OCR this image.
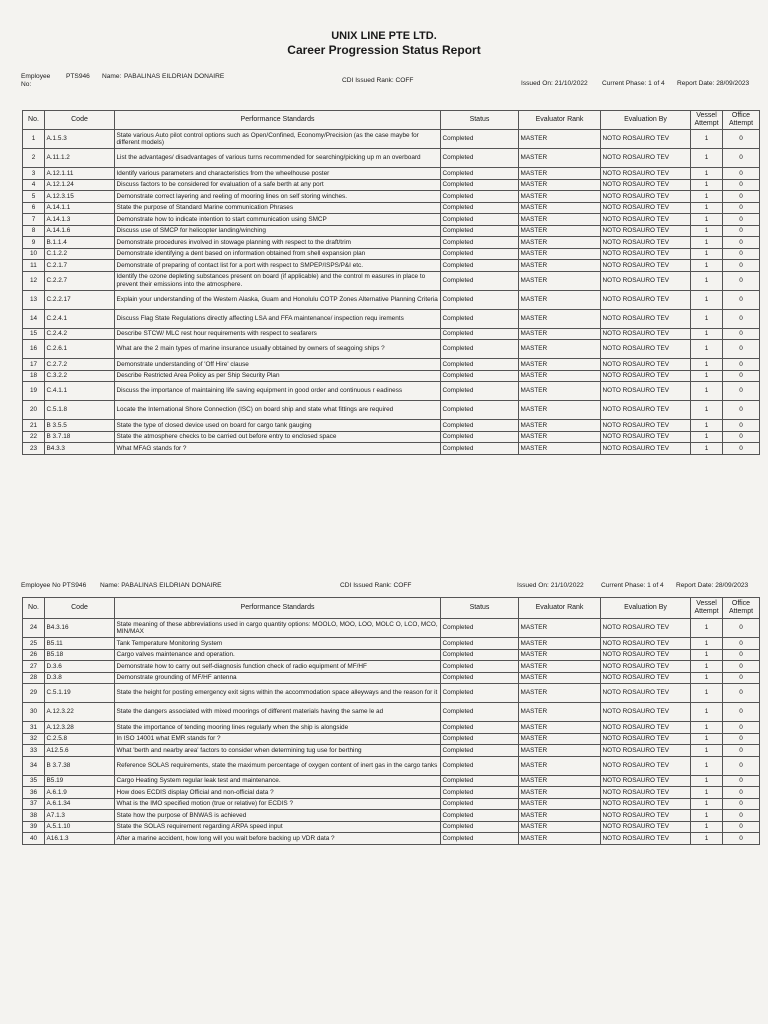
UNIX LINE PTE LTD.
Career Progression Status Report
Employee No:
PTS946 Name: PABALINAS EILDRIAN DONAIRE
CDI Issued Rank: COFF	Issued On: 21/10/2022 Current Phase: 1 of 4 Report Date: 28/09/2023
No.	Code	Performance Standards	Status	Evaluator Rank	Evaluation By	Vessel Attempt	Office Attempt
1	A.1.5.3	State various Auto pilot control options such as Open/Confined, Economy/Precision (as the case maybe for different models)	Completed	MASTER	NOTO ROSAURO TEV	1	0
2	A.11.1.2	List the advantages/ disadvantages of various turns recommended for searching/picking up m an overboard	Completed	MASTER	NOTO ROSAURO TEV	1	0
3	A.12.1.11	Identify various parameters and characteristics from the wheelhouse poster	Completed	MASTER	NOTO ROSAURO TEV	1	0
4	A.12.1.24	Discuss factors to be considered for evaluation of a safe berth at any port	Completed	MASTER	NOTO ROSAURO TEV	1	0
5	A.12.3.15	Demonstrate correct layering and reeling of mooring lines on self storing winches.	Completed	MASTER	NOTO ROSAURO TEV	1	0
6	A.14.1.1	State the purpose of Standard Marine communication Phrases	Completed	MASTER	NOTO ROSAURO TEV	1	0
7	A.14.1.3	Demonstrate how to indicate intention to start communication using SMCP	Completed	MASTER	NOTO ROSAURO TEV	1	0
8	A.14.1.6	Discuss use of SMCP for helicopter landing/winching	Completed	MASTER	NOTO ROSAURO TEV	1	0
9	B.1.1.4	Demonstrate procedures involved in stowage planning with respect to the draft/trim	Completed	MASTER	NOTO ROSAURO TEV	1	0
10	C.1.2.2	Demonstrate identifying a dent based on information obtained from shell expansion plan	Completed	MASTER	NOTO ROSAURO TEV	1	0
11	C.2.1.7	Demonstrate of preparing of contact list for a port with respect to SMPEP/ISPS/P&I etc.	Completed	MASTER	NOTO ROSAURO TEV	1	0
12	C.2.2.7	Identify the ozone depleting substances present on board (if applicable) and the control m easures in place to prevent their emissions into the atmosphere.	Completed	MASTER	NOTO ROSAURO TEV	1	0
13	C.2.2.17	Explain your understanding of the Western Alaska, Guam and Honolulu COTP Zones Alternative Planning Criteria	Completed	MASTER	NOTO ROSAURO TEV	1	0
14	C.2.4.1	Discuss Flag State Regulations directly affecting LSA and FFA maintenance/ inspection requ irements	Completed	MASTER	NOTO ROSAURO TEV	1	0
15	C.2.4.2	Describe STCW/ MLC rest hour requirements with respect to seafarers	Completed	MASTER	NOTO ROSAURO TEV	1	0
16	C.2.6.1	What are the 2 main types of marine insurance usually obtained by owners of seagoing ships ?	Completed	MASTER	NOTO ROSAURO TEV	1	0
17	C.2.7.2	Demonstrate understanding of 'Off Hire' clause	Completed	MASTER	NOTO ROSAURO TEV	1	0
18	C.3.2.2	Describe Restricted Area Policy as per Ship Security Plan	Completed	MASTER	NOTO ROSAURO TEV	1	0
19	C.4.1.1	Discuss the importance of maintaining life saving equipment in good order and continuous r eadiness	Completed	MASTER	NOTO ROSAURO TEV	1	0
20	C.5.1.8	Locate the International Shore Connection (ISC) on board ship and state what fittings are required	Completed	MASTER	NOTO ROSAURO TEV	1	0
21	B 3.5.5	State the type of closed device used on board for cargo tank gauging	Completed	MASTER	NOTO ROSAURO TEV	1	0
22	B 3.7.18	State the atmosphere checks to be carried out before entry to enclosed space	Completed	MASTER	NOTO ROSAURO TEV	1	0
23	B4.3.3	What MFAG stands for ?	Completed	MASTER	NOTO ROSAURO TEV	1	0
Employee No PTS946 Name: PABALINAS EILDRIAN DONAIRE	CDI Issued Rank: COFF	Issued On: 21/10/2022	Current Phase: 1 of 4 Report Date: 28/09/2023
No.	Code	Performance Standards	Status	Evaluator Rank	Evaluation By	Vessel Attempt	Office Attempt
24	B4.3.16	State meaning of these abbreviations used in cargo quantity options: MOOLO, MOO, LOO, MOLC O, LCO, MCO, MIN/MAX	Completed	MASTER	NOTO ROSAURO TEV	1	0
25	B5.11	Tank Temperature Monitoring System	Completed	MASTER	NOTO ROSAURO TEV	1	0
26	B5.18	Cargo valves maintenance and operation.	Completed	MASTER	NOTO ROSAURO TEV	1	0
27	D.3.6	Demonstrate how to carry out self-diagnosis function check of radio equipment of MF/HF	Completed	MASTER	NOTO ROSAURO TEV	1	0
28	D.3.8	Demonstrate grounding of MF/HF antenna	Completed	MASTER	NOTO ROSAURO TEV	1	0
29	C.5.1.19	State the height for posting emergency exit signs within the accommodation space alleyways and the reason for it	Completed	MASTER	NOTO ROSAURO TEV	1	0
30	A.12.3.22	State the dangers associated with mixed moorings of different materials having the same le ad	Completed	MASTER	NOTO ROSAURO TEV	1	0
31	A.12.3.28	State the importance of tending mooring lines regularly when the ship is alongside	Completed	MASTER	NOTO ROSAURO TEV	1	0
32	C.2.5.8	In ISO 14001 what EMR stands for ?	Completed	MASTER	NOTO ROSAURO TEV	1	0
33	A12.5.6	What 'berth and nearby area' factors to consider when determining tug use for berthing	Completed	MASTER	NOTO ROSAURO TEV	1	0
34	B 3.7.38	Reference SOLAS requirements, state the maximum percentage of oxygen content of inert gas in the cargo tanks	Completed	MASTER	NOTO ROSAURO TEV	1	0
35	B5.19	Cargo Heating System regular leak test and maintenance.	Completed	MASTER	NOTO ROSAURO TEV	1	0
36	A.6.1.9	How does ECDIS display Official and non-official data ?	Completed	MASTER	NOTO ROSAURO TEV	1	0
37	A.6.1.34	What is the IMO specified motion (true or relative) for ECDIS ?	Completed	MASTER	NOTO ROSAURO TEV	1	0
38	A7.1.3	State how the purpose of BNWAS is achieved	Completed	MASTER	NOTO ROSAURO TEV	1	0
39	A.5.1.10	State the SOLAS requirement regarding ARPA speed input	Completed	MASTER	NOTO ROSAURO TEV	1	0
40	A16.1.3	After a marine accident, how long will you wait before backing up VDR data ?	Completed	MASTER	NOTO ROSAURO TEV	1	0
